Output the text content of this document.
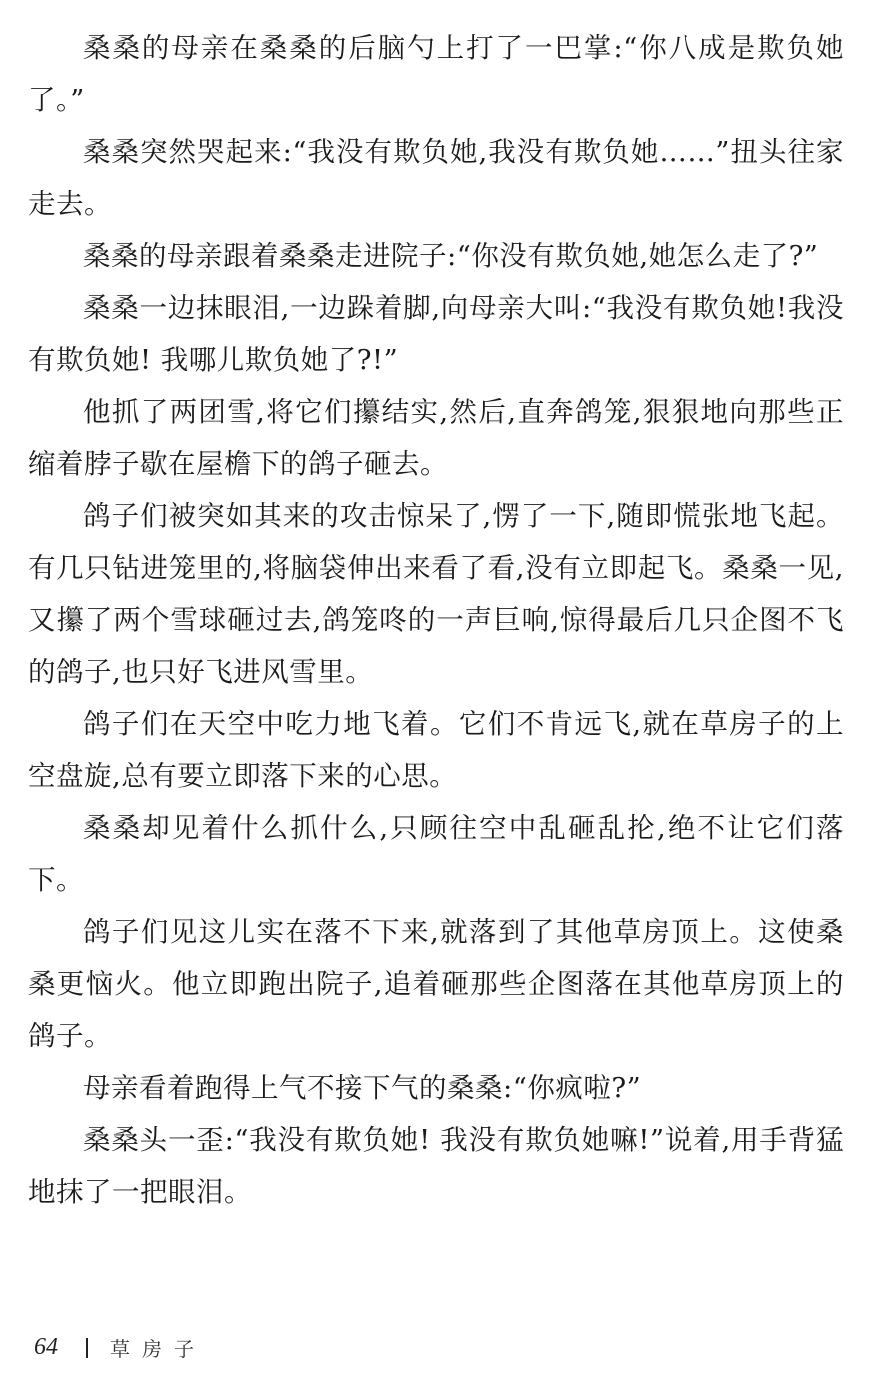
桑桑的母亲在桑桑的后脑勺上打了一巴掌:“你八成是欺负她了。”

桑桑突然哭起来:“我没有欺负她,我没有欺负她……”扭头往家走去。

桑桑的母亲跟着桑桑走进院子:“你没有欺负她,她怎么走了?”

桑桑一边抹眼泪,一边跺着脚,向母亲大叫:“我没有欺负她!我没有欺负她! 我哪儿欺负她了?!”

他抓了两团雪,将它们攥结实,然后,直奔鸽笼,狠狠地向那些正缩着脖子歇在屋檐下的鸽子砸去。

鸽子们被突如其来的攻击惊呆了,愣了一下,随即慌张地飞起。有几只钻进笼里的,将脑袋伸出来看了看,没有立即起飞。桑桑一见,又攥了两个雪球砸过去,鸽笼咚的一声巨响,惊得最后几只企图不飞的鸽子,也只好飞进风雪里。

鸽子们在天空中吃力地飞着。它们不肯远飞,就在草房子的上空盘旋,总有要立即落下来的心思。

桑桑却见着什么抓什么,只顾往空中乱砸乱抡,绝不让它们落下。

鸽子们见这儿实在落不下来,就落到了其他草房顶上。这使桑桑更恼火。他立即跑出院子,追着砸那些企图落在其他草房顶上的鸽子。

母亲看着跑得上气不接下气的桑桑:“你疯啦?”

桑桑头一歪:“我没有欺负她! 我没有欺负她嘛!”说着,用手背猛地抹了一把眼泪。

64	草房子
